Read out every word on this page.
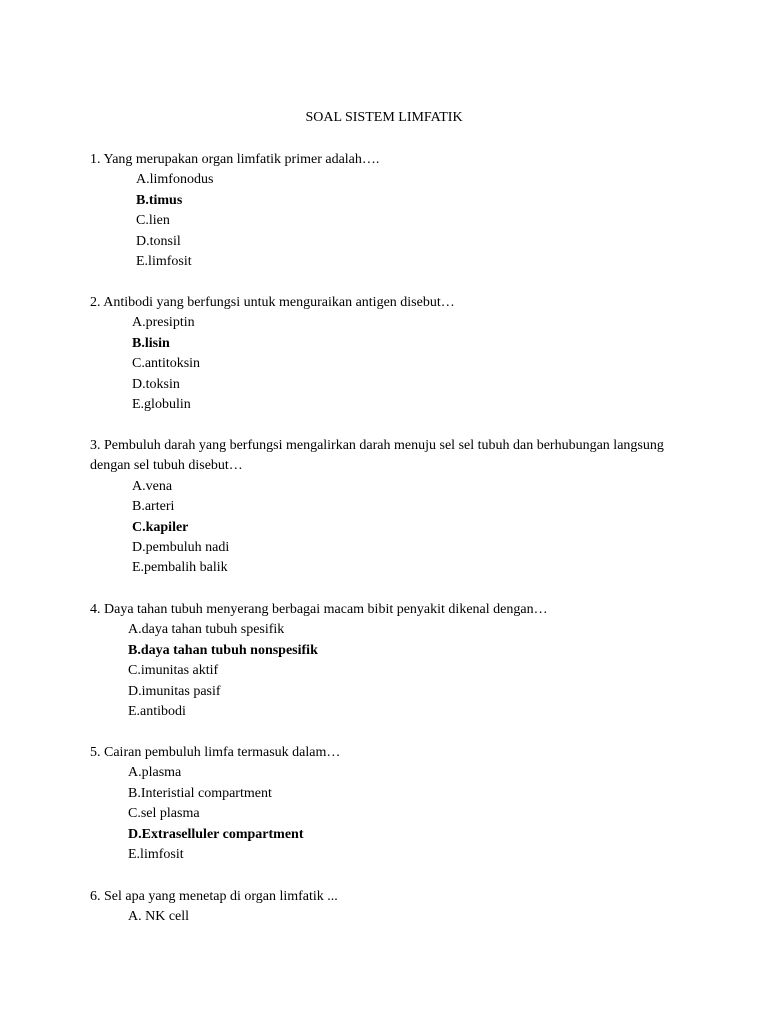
SOAL SISTEM LIMFATIK

1. Yang merupakan organ limfatik primer adalah….

A.limfonodus
B.timus
C.lien
D.tonsil
E.limfosit

2. Antibodi yang berfungsi untuk menguraikan antigen disebut…

A.presiptin
B.lisin
C.antitoksin
D.toksin
E.globulin

3. Pembuluh darah yang berfungsi mengalirkan darah menuju sel sel tubuh dan berhubungan langsung dengan sel tubuh disebut…

A.vena
B.arteri
C.kapiler
D.pembuluh nadi
E.pembalih balik

4. Daya tahan tubuh menyerang berbagai macam bibit penyakit dikenal dengan…

A.daya tahan tubuh spesifik
B.daya tahan tubuh nonspesifik
C.imunitas aktif
D.imunitas pasif
E.antibodi

5. Cairan pembuluh limfa termasuk dalam…

A.plasma
B.Interistial compartment
C.sel plasma
D.Extraselluler compartment
E.limfosit

6. Sel apa yang menetap di organ limfatik ...

A. NK cell
